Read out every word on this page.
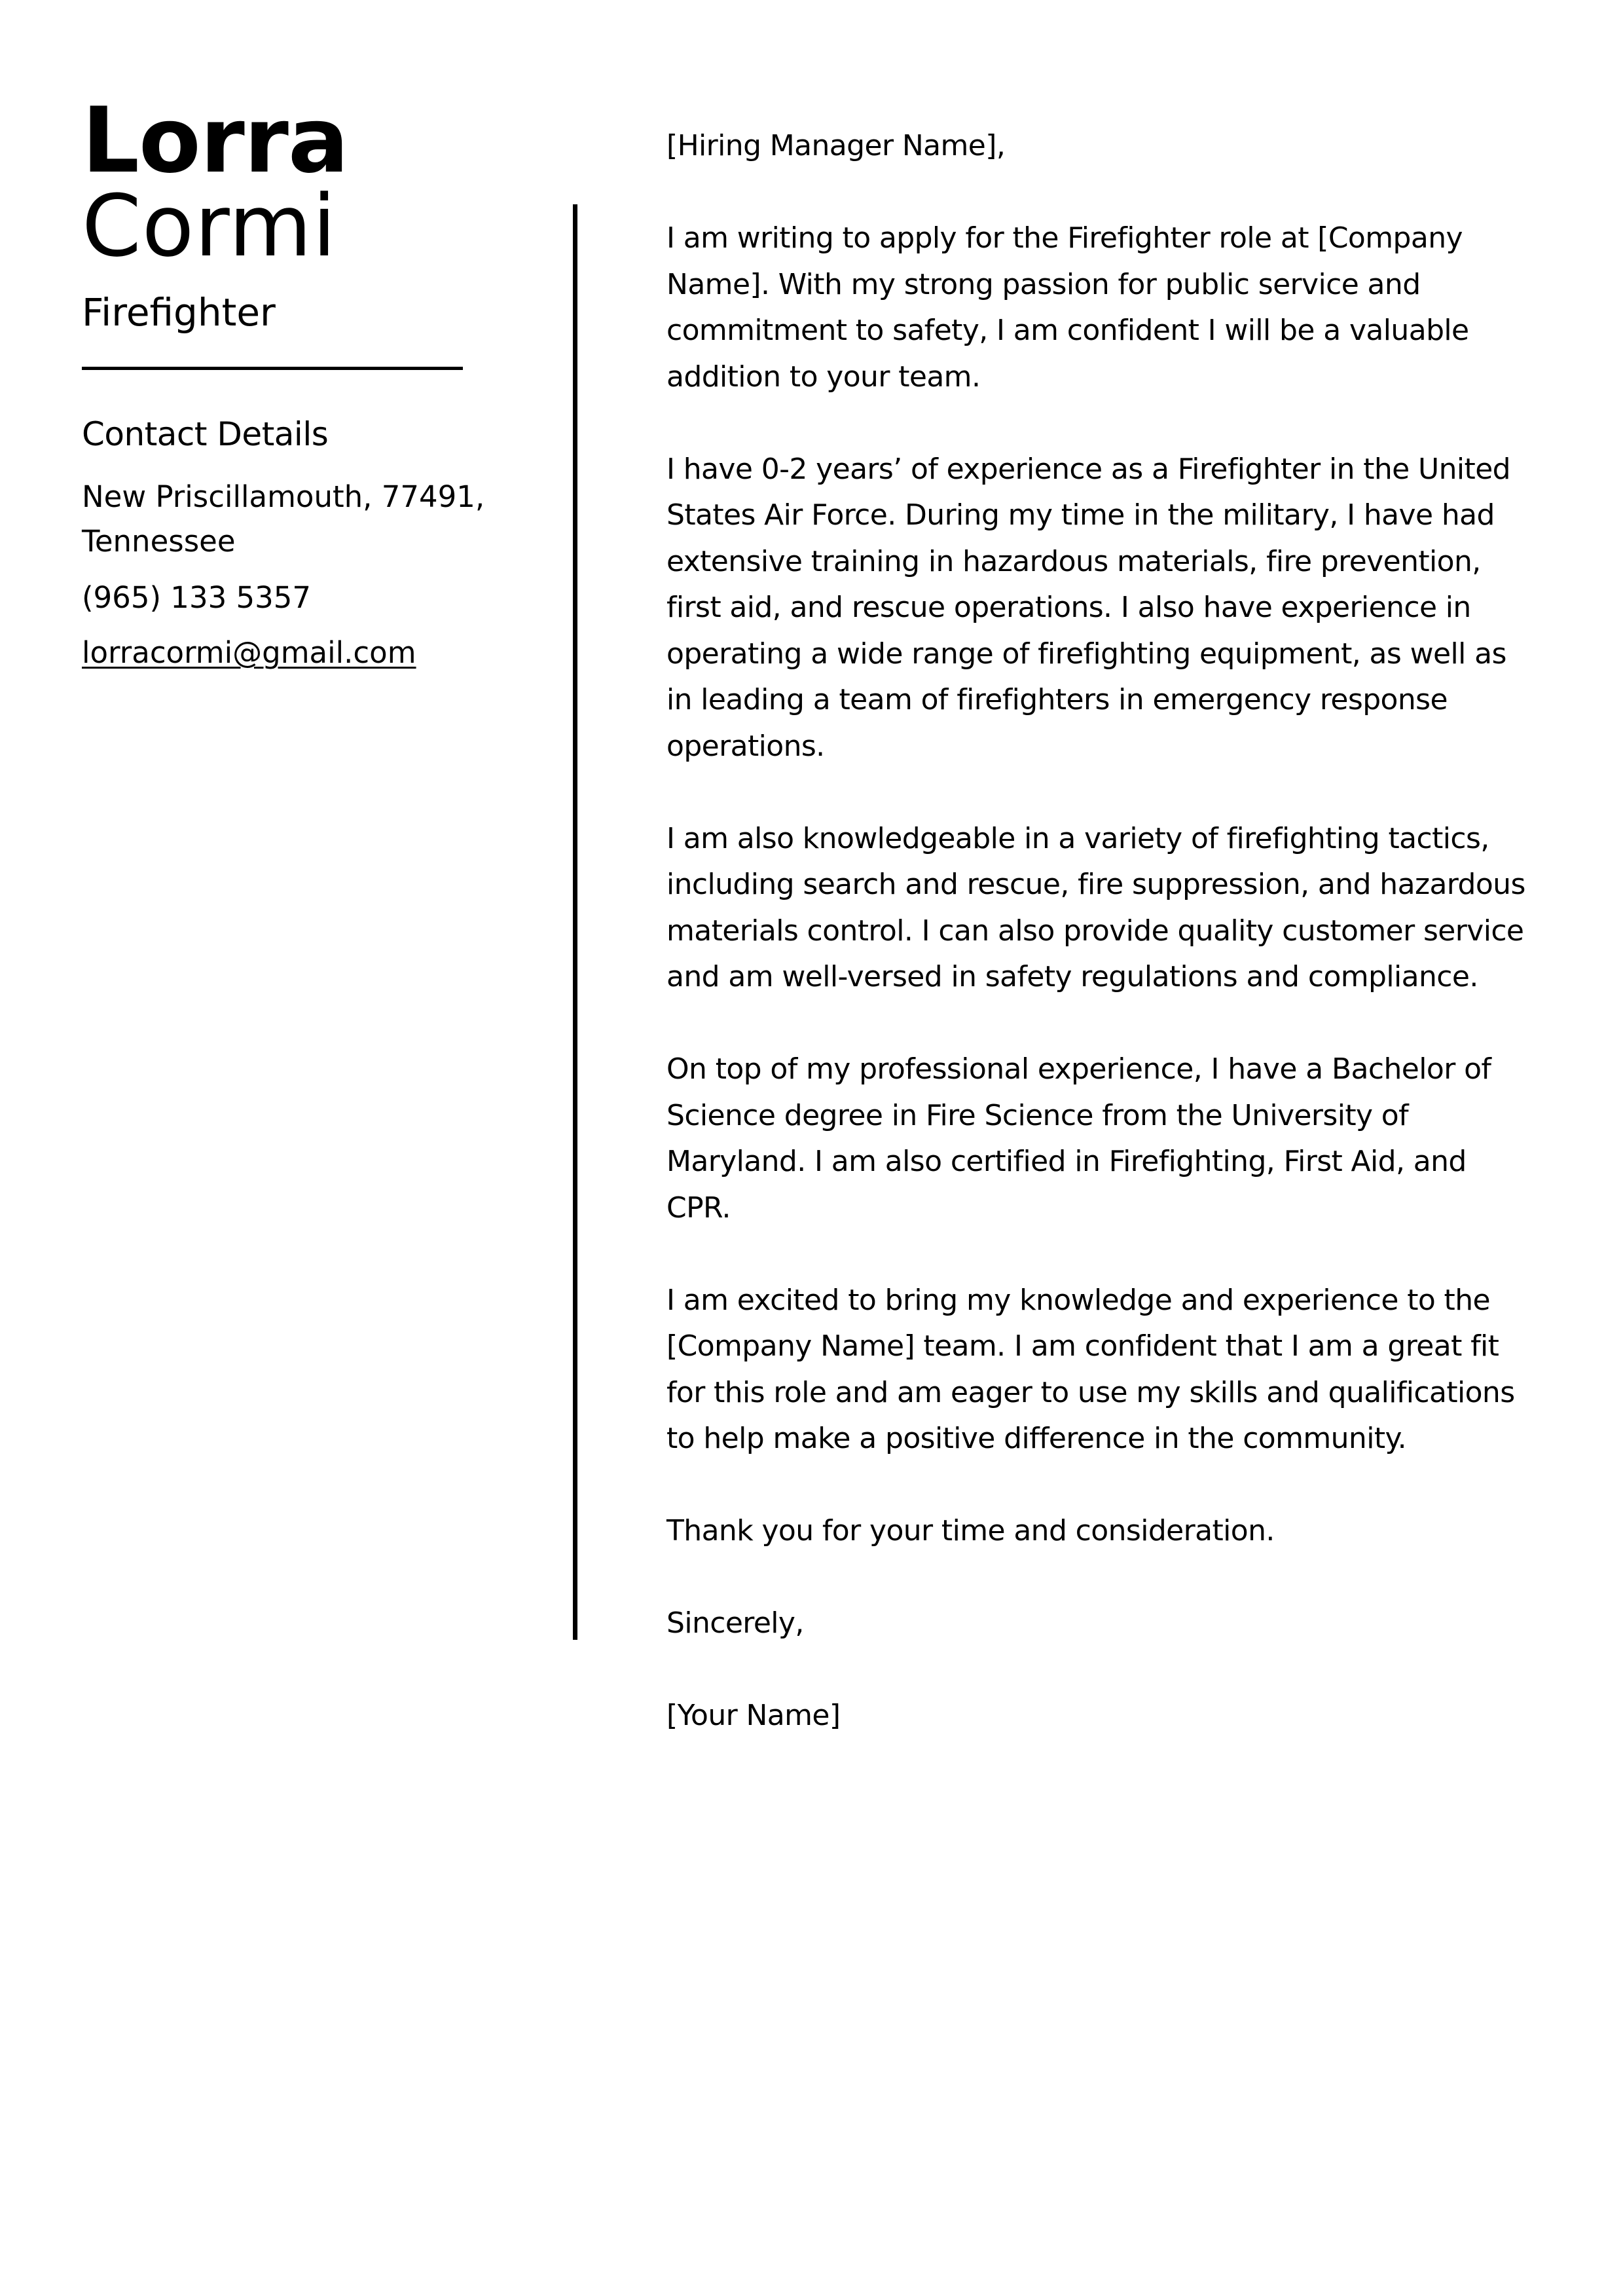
Lorra
Cormi
Firefighter
Contact Details
New Priscillamouth, 77491, Tennessee
(965) 133 5357
lorracormi@gmail.com

[Hiring Manager Name],

I am writing to apply for the Firefighter role at [Company Name]. With my strong passion for public service and commitment to safety, I am confident I will be a valuable addition to your team.

I have 0-2 years’ of experience as a Firefighter in the United States Air Force. During my time in the military, I have had extensive training in hazardous materials, fire prevention, first aid, and rescue operations. I also have experience in operating a wide range of firefighting equipment, as well as in leading a team of firefighters in emergency response operations.

I am also knowledgeable in a variety of firefighting tactics, including search and rescue, fire suppression, and hazardous materials control. I can also provide quality customer service and am well-versed in safety regulations and compliance.

On top of my professional experience, I have a Bachelor of Science degree in Fire Science from the University of Maryland. I am also certified in Firefighting, First Aid, and CPR.

I am excited to bring my knowledge and experience to the [Company Name] team. I am confident that I am a great fit for this role and am eager to use my skills and qualifications to help make a positive difference in the community.

Thank you for your time and consideration.

Sincerely,

[Your Name]
